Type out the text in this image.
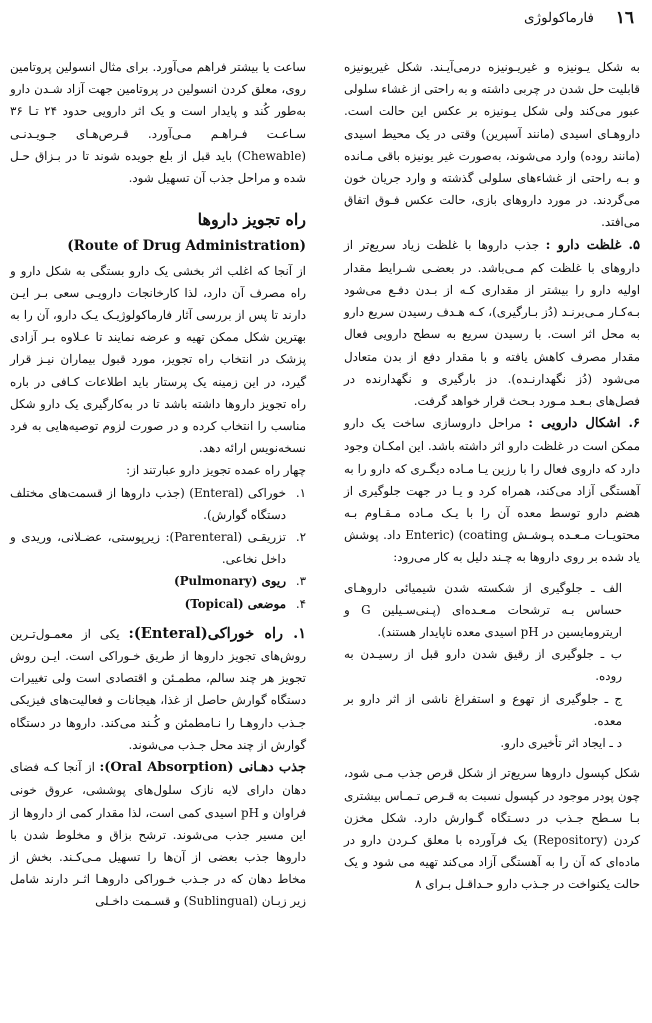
١٦
فارماکولوژی

به شکل یـونیزه و غیریـونیزه درمی‌آیـند. شکل غیریونیزه قابلیت حل شدن در چربی داشته و به راحتی از غشاء سلولی عبور می‌کند ولی شکل یـونیزه بر عکس این حالت است. داروهـای اسیدی (مانند آسپرین) وقتی در یک محیط اسیدی (مانند روده) وارد می‌شوند، به‌صورت غیر یونیزه باقی مـانده و بـه راحتی از غشاءهای سلولی گذشته و وارد جریان خون می‌گردند. در مورد داروهای بازی، حالت عکس فـوق اتفاق می‌افتد.

۵. غلظت دارو : جذب داروها با غلظت زیاد سریع‌تر از داروهای با غلظت کم مـی‌باشد. در بعضـی شـرایط مقدار اولیه دارو را بیشتر از مقداری کـه از بـدن دفـع می‌شود بـه‌کـار مـی‌برنـد (دُز بـارگیری)، کـه هـدف رسیدن سریع دارو به محل اثر است. با رسیدن سریع به سطح دارویی فعال مقدار مصرف کاهش یافته و با مقدار دفع از بدن متعادل می‌شود (دُز نگهدارنـده). دز بارگیری و نگهدارنده در فصل‌های بـعـد مـورد بـحث قرار خواهد گرفت.

۶. اشکال دارویی : مراحل داروسازی ساخت یک دارو ممکن است در غلظت دارو اثر داشته باشد. این امکـان وجود دارد که داروی فعال را با رزین یـا مـاده دیگـری که دارو را به آهستگی آزاد می‌کند، همراه کرد و یـا در جهت جلوگیری از هضم دارو توسط معده آن را با یـک مـاده مـقـاوم بـه محتویـات مـعـده پـوشـش Enteric) (coating داد. پوشش یاد شده بر روی داروها به چـند دلیل به کار می‌رود:

الف ـ جلوگیری از شکسته شدن شیمیائی داروهـای حساس بـه ترشحات مـعـده‌ای (پـنی‌سـیلین G و اریترومایسین در pH اسیدی معده ناپایدار هستند).

ب ـ جلوگیری از رقیق شدن دارو قبل از رسیـدن به روده.

ج ـ جلوگیری از تهوع و استفراغ ناشی از اثر دارو بر معده.

د ـ ایجاد اثر تأخیری دارو.

شکل کپسول داروها سریع‌تر از شکل قرص جذب مـی شود، چون پودر موجود در کپسول نسبت به قـرص تـمـاس بیشتری بـا سـطح جـذب در دسـتگاه گـوارش دارد. شکل مخزن کردن (Repository) یک فرآورده با معلق کـردن دارو در ماده‌ای که آن را به آهستگی آزاد می‌کند تهیه می شود و یک حالت یکنواخت در جـذب دارو حـداقـل بـرای ۸

ساعت یا بیشتر فراهم می‌آورد. برای مثال انسولین پروتامین روی، معلق کردن انسولین در پروتامین جهت آزاد شـدن دارو به‌طور کُند و پایدار است و یک اثر دارویی حدود ۲۴ تـا ۳۶ سـاعـت فـراهـم مـی‌آورد. قـرص‌هـای جـویـدنـی (Chewable) باید قبل از بلع جویده شوند تا در بـزاق حـل شده و مراحل جذب آن تسهیل شود.

راه تجویز داروها
(Route of Drug Administration)

از آنجا که اغلب اثر بخشی یک دارو بستگی به شکل دارو و راه مصرف آن دارد، لذا کارخانجات دارویـی سعی بـر ایـن دارند تا پس از بررسی آثار فارماکولوژیـک یـک دارو، آن را به بهترین شکل ممکن تهیه و عرضه نمایند تا عـلاوه بـر آزادی پزشک در انتخاب راه تجویز، مورد قبول بیماران نیـز قرار گیرد، در این زمینه یک پرستار باید اطلاعات کـافی در باره راه تجویز داروها داشته باشد تا در به‌کارگیری یک دارو شکل مناسب را انتخاب کرده و در صورت لزوم توصیه‌هایی به فرد نسخه‌نویس ارائه دهد.

چهار راه عمده تجویز دارو عبارتند از:

١.
خوراکی (Enteral) (جذب داروها از قسمت‌های مختلف دستگاه گوارش).
٢.
تزریقـی (Parenteral): زیرپوستی، عضـلانی، وریدی و داخل نخاعی.
٣.
ریوی (Pulmonary)
۴.
موضعی (Topical)

١. راه خوراکی(Enteral): یکی از معمـول‌تـرین روش‌های تجویز داروها از طریق خـوراکی است. ایـن روش تجویز هر چند سالم، مطمـئن و اقتصادی است ولی تغییرات دستگاه گوارش حاصل از غذا، هیجانات و فعالیت‌های فیزیکی جـذب داروهـا را نـامطمئن و کُـند می‌کند. داروها در دستگاه گوارش از چند محل جـذب می‌شوند.

جذب دهـانی (Oral Absorption): از آنجا کـه فضای دهان دارای لایه نازک سلول‌های پوششی، عروق خونی فراوان و pH اسیدی کمی است، لذا مقدار کمی از داروها از این مسیر جذب می‌شوند. ترشح بزاق و مخلوط شدن با داروها جذب بعضی از آن‌ها را تسهیل مـی‌کـند. بخش‌ از مخاط دهان که در جـذب خـوراکی داروهـا اثـر دارند شامل زیر زبـان (Sublingual) و قسـمت داخـلی
